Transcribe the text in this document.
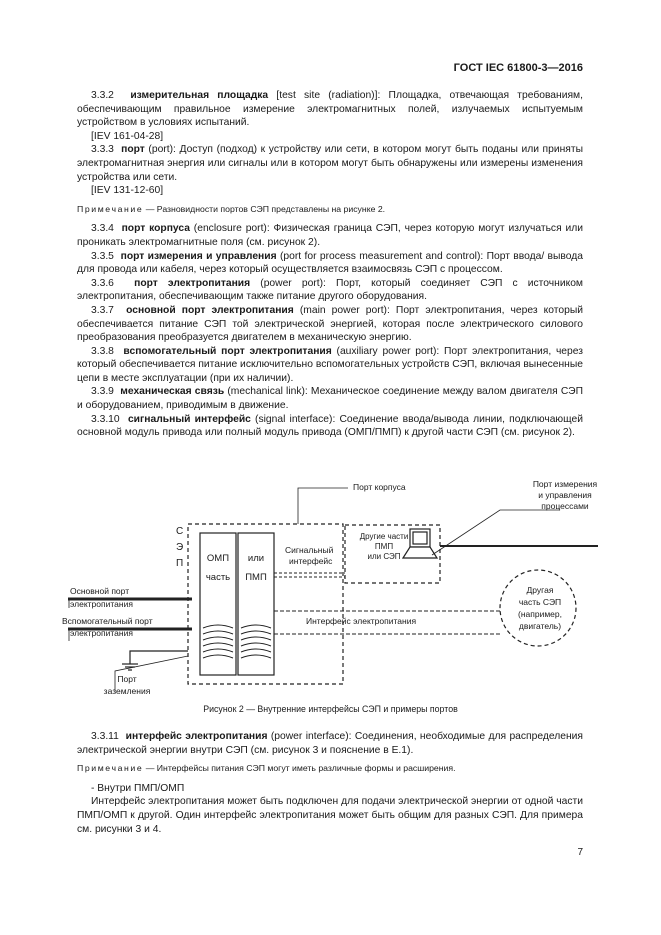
ГОСТ IEC 61800-3—2016

3.3.2 измерительная площадка [test site (radiation)]: Площадка, отвечающая требованиям, обеспечивающим правильное измерение электромагнитных полей, излучаемых испытуемым устройством в условиях испытаний.

[IEV 161-04-28]

3.3.3 порт (port): Доступ (подход) к устройству или сети, в котором могут быть поданы или приняты электромагнитная энергия или сигналы или в котором могут быть обнаружены или измерены изменения устройства или сети.

[IEV 131-12-60]

Примечание — Разновидности портов СЭП представлены на рисунке 2.

3.3.4 порт корпуса (enclosure port): Физическая граница СЭП, через которую могут излучаться или проникать электромагнитные поля (см. рисунок 2).

3.3.5 порт измерения и управления (port for process measurement and control): Порт ввода/ вывода для провода или кабеля, через который осуществляется взаимосвязь СЭП с процессом.

3.3.6 порт электропитания (power port): Порт, который соединяет СЭП с источником электропитания, обеспечивающим также питание другого оборудования.

3.3.7 основной порт электропитания (main power port): Порт электропитания, через который обеспечивается питание СЭП той электрической энергией, которая после электрического силового преобразования преобразуется двигателем в механическую энергию.

3.3.8 вспомогательный порт электропитания (auxiliary power port): Порт электропитания, через который обеспечивается питание исключительно вспомогательных устройств СЭП, включая вынесенные цепи в месте эксплуатации (при их наличии).

3.3.9 механическая связь (mechanical link): Механическое соединение между валом двигателя СЭП и оборудованием, приводимым в движение.

3.3.10 сигнальный интерфейс (signal interface): Соединение ввода/вывода линии, подключающей основной модуль привода или полный модуль привода (ОМП/ПМП) к другой части СЭП (см. рисунок 2).

Порт корпуса	Порт измерения
и управления
процессами
С
Э
П ОМП
часть
или
ПМП
Сигнальный
интерфейс
Другие части
ПМП
или СЭП
Основной порт
электропитания
Вспомогательный порт
электропитания
Интерфейс электропитания
Другая
часть СЭП
(например,
двигатель)
Порт
заземления
Рисунок 2 — Внутренние интерфейсы СЭП и примеры портов

3.3.11 интерфейс электропитания (power interface): Соединения, необходимые для распределения электрической энергии внутри СЭП (см. рисунок 3 и пояснение в Е.1).

Примечание — Интерфейсы питания СЭП могут иметь различные формы и расширения.

- Внутри ПМП/ОМП

Интерфейс электропитания может быть подключен для подачи электрической энергии от одной части ПМП/ОМП к другой. Один интерфейс электропитания может быть общим для разных СЭП. Для примера см. рисунки 3 и 4.

7
